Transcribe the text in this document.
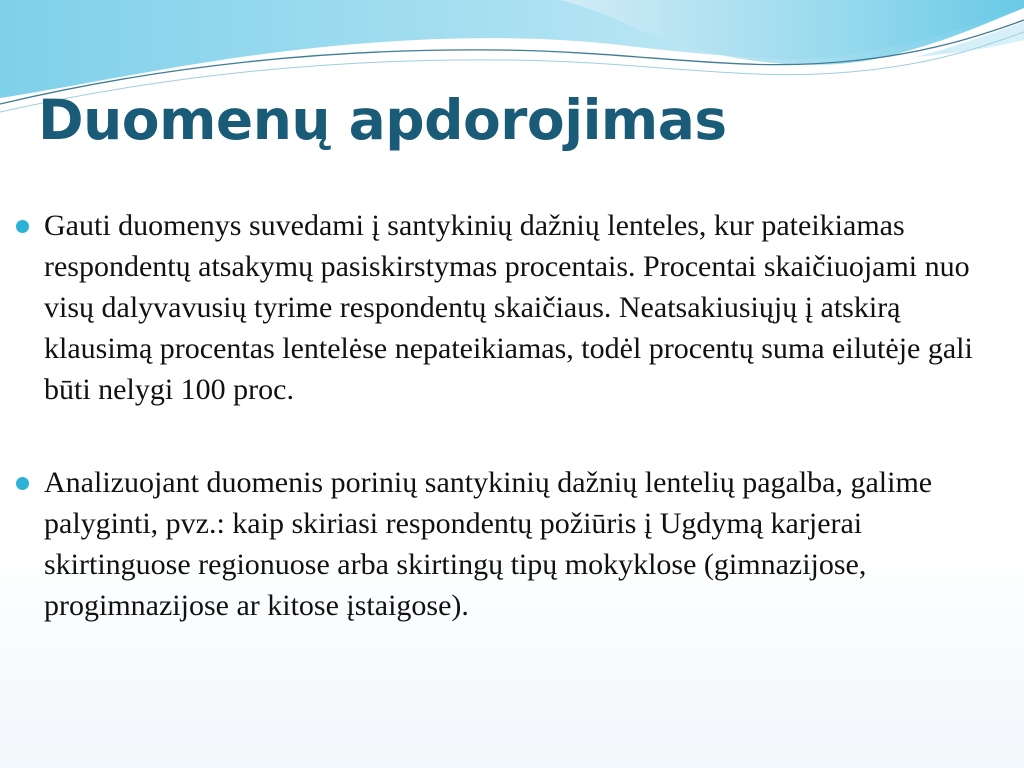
Duomenų apdorojimas
Gauti duomenys suvedami į santykinių dažnių lenteles, kur pateikiamas respondentų atsakymų pasiskirstymas procentais. Procentai skaičiuojami nuo visų dalyvavusių tyrime respondentų skaičiaus. Neatsakiusiųjų į atskirą klausimą procentas lentelėse nepateikiamas, todėl procentų suma eilutėje gali būti nelygi 100 proc.
Analizuojant duomenis porinių santykinių dažnių lentelių pagalba, galime palyginti, pvz.: kaip skiriasi respondentų požiūris į Ugdymą karjerai skirtinguose regionuose arba skirtingų tipų mokyklose (gimnazijose, progimnazijose ar kitose įstaigose).
